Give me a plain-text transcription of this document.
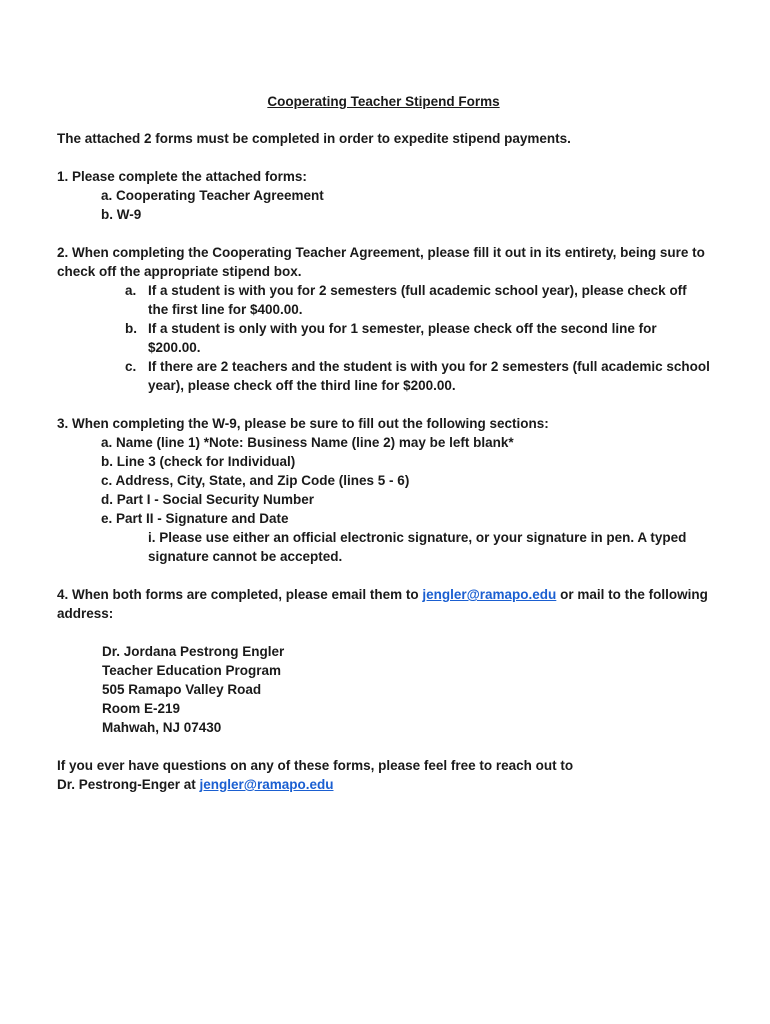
Cooperating Teacher Stipend Forms
The attached 2 forms must be completed in order to expedite stipend payments.
1. Please complete the attached forms:
a. Cooperating Teacher Agreement
b. W-9
2. When completing the Cooperating Teacher Agreement, please fill it out in its entirety, being sure to check off the appropriate stipend box.
a. If a student is with you for 2 semesters (full academic school year), please check off the first line for $400.00.
b. If a student is only with you for 1 semester, please check off the second line for $200.00.
c. If there are 2 teachers and the student is with you for 2 semesters (full academic school year), please check off the third line for $200.00.
3. When completing the W-9, please be sure to fill out the following sections:
a. Name (line 1) *Note: Business Name (line 2) may be left blank*
b. Line 3 (check for Individual)
c. Address, City, State, and Zip Code (lines 5 - 6)
d. Part I - Social Security Number
e. Part II - Signature and Date
i. Please use either an official electronic signature, or your signature in pen. A typed signature cannot be accepted.
4. When both forms are completed, please email them to jengler@ramapo.edu or mail to the following address:
Dr. Jordana Pestrong Engler
Teacher Education Program
505 Ramapo Valley Road
Room E-219
Mahwah, NJ 07430
If you ever have questions on any of these forms, please feel free to reach out to
Dr. Pestrong-Enger at jengler@ramapo.edu
